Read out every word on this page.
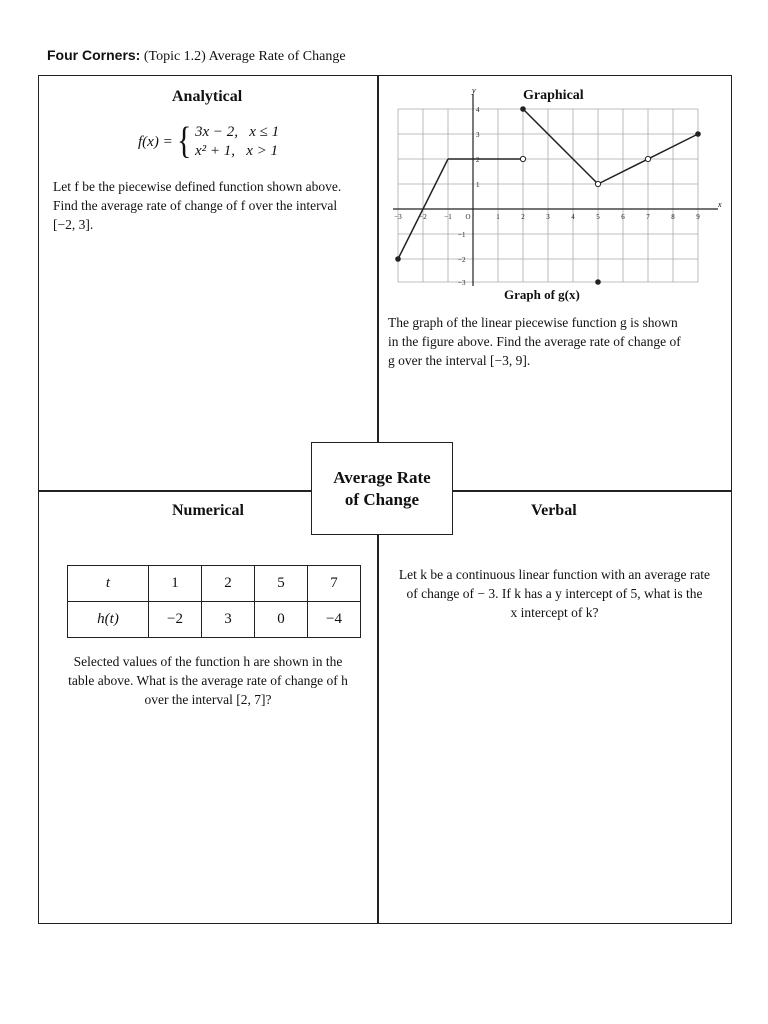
Four Corners: (Topic 1.2) Average Rate of Change
Analytical
f(x) = { 3x − 2,   x ≤ 1
x² + 1,   x > 1
Let f be the piecewise defined function shown above.
Find the average rate of change of f over the interval
[−2, 3].
Graphical
y
x
−3	−2	−1 O	1	2	3	4	5	6	7	8	9
4
3
2
1
−1
−2
−3
Graph of g(x)
The graph of the linear piecewise function g is shown
in the figure above. Find the average rate of change of
g over the interval [−3, 9].
Average Rate
of Change
Numerical
t	1	2	5	7
h(t)	−2	3	0	−4
Selected values of the function h are shown in the
table above. What is the average rate of change of h
over the interval [2, 7]?
Verbal
Let k be a continuous linear function with an average rate
of change of − 3. If k has a y intercept of 5, what is the
x intercept of k?
